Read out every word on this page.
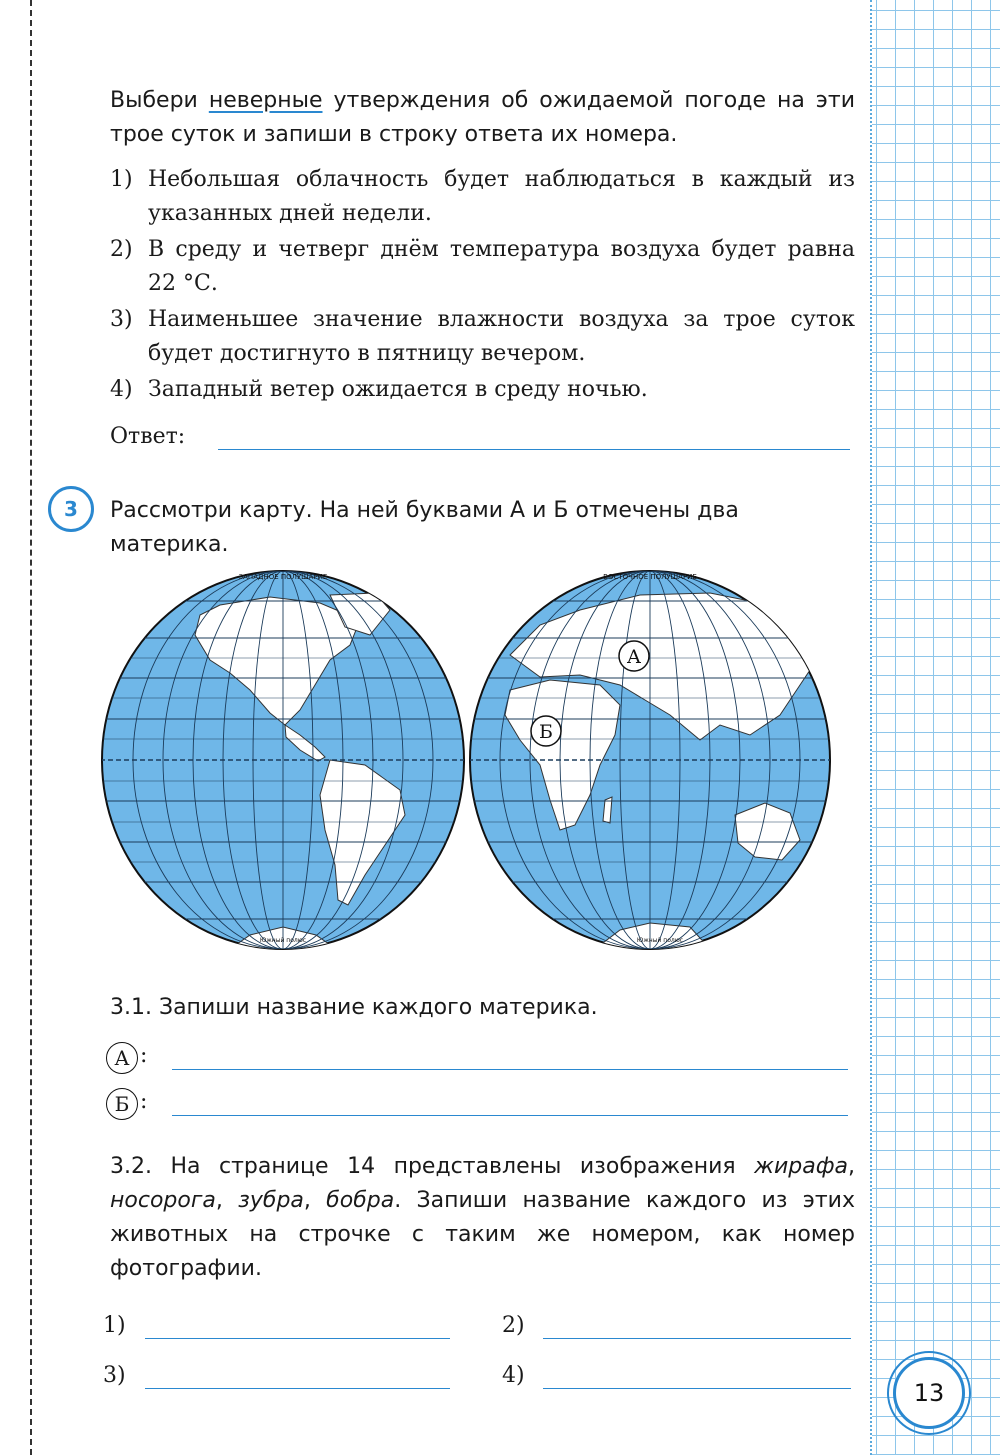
Выбери неверные утверждения об ожидаемой погоде на эти трое суток и запиши в строку ответа их номера.

1) Небольшая облачность будет наблюдаться в каждый из указанных дней недели.
2) В среду и четверг днём температура воздуха будет равна 22 °С.
3) Наименьшее значение влажности воздуха за трое суток будет достигнуто в пятницу вечером.
4) Западный ветер ожидается в среду ночью.
Ответ:
3	Рассмотри карту. На ней буквами А и Б отмечены два материка.

ЗАПАДНОЕ ПОЛУШАРИЕ
Южный полюс
ВОСТОЧНОЕ ПОЛУШАРИЕ
Южный полюс
А
Б
3.1. Запиши название каждого материка.
А :
Б :

3.2. На странице 14 представлены изображения жирафа, носорога, зубра, бобра. Запиши название каждого из этих животных на строчке с таким же номером, как номер фотографии.

1)	2)
3)	4)
13
